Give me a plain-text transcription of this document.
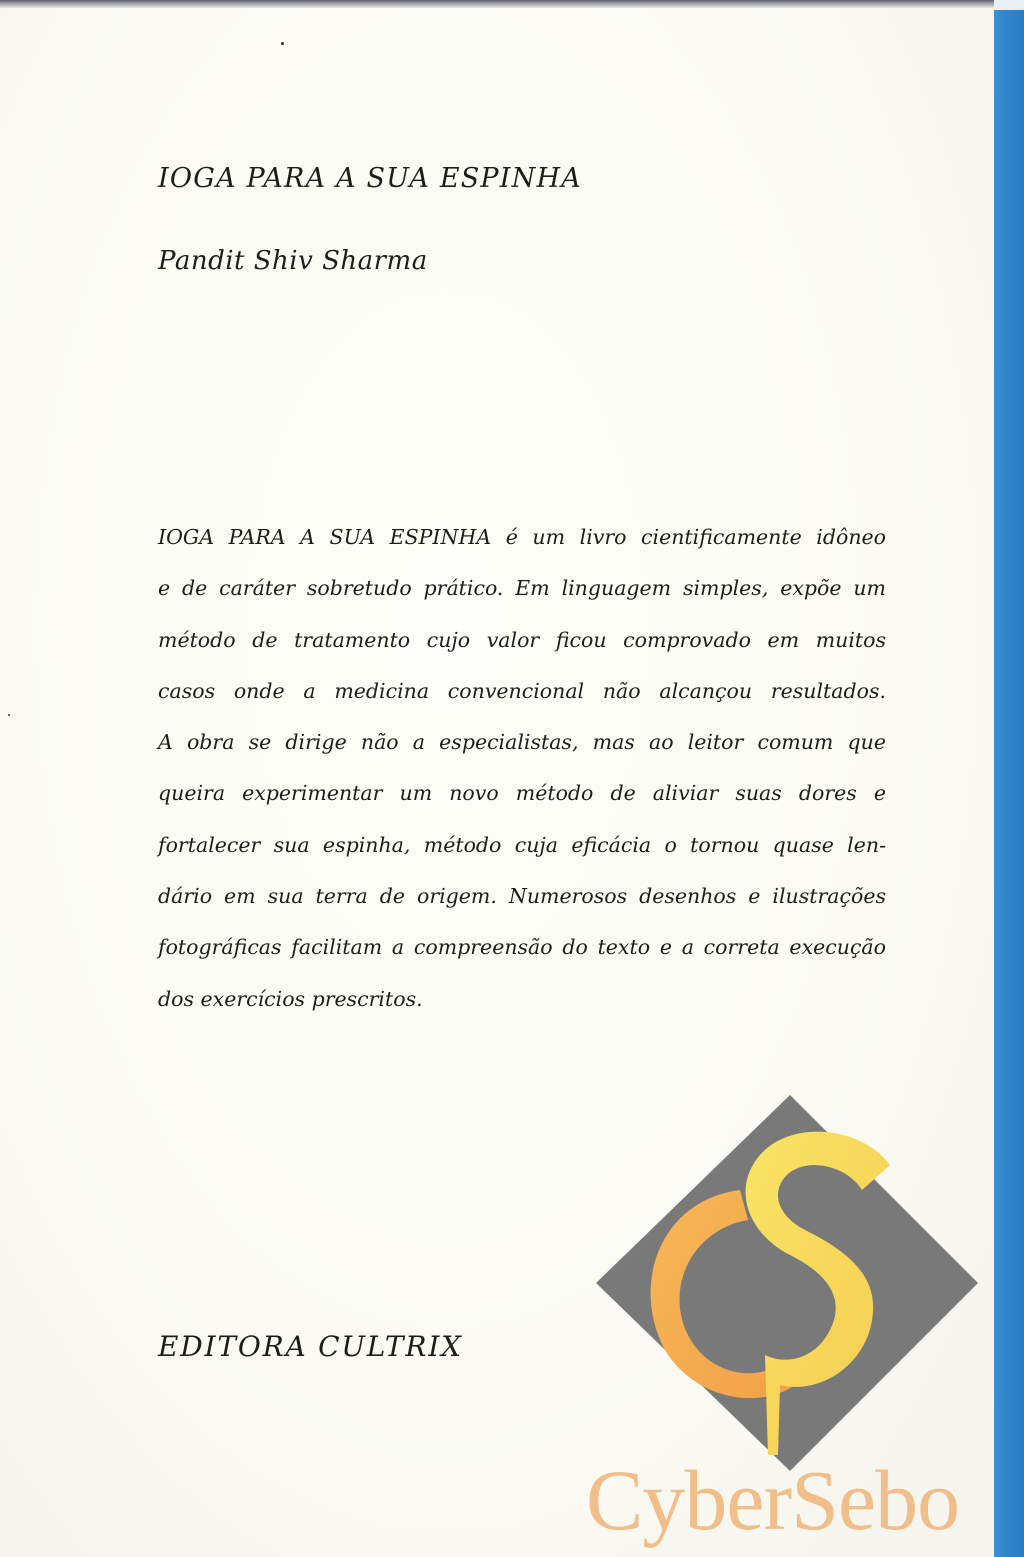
IOGA PARA A SUA ESPINHA
Pandit Shiv Sharma
IOGA PARA A SUA ESPINHA é um livro cientificamente idôneo
e de caráter sobretudo prático. Em linguagem simples, expõe um
método de tratamento cujo valor ficou comprovado em muitos
casos onde a medicina convencional não alcançou resultados.
A obra se dirige não a especialistas, mas ao leitor comum que
queira experimentar um novo método de aliviar suas dores e
fortalecer sua espinha, método cuja eficácia o tornou quase len-
dário em sua terra de origem. Numerosos desenhos e ilustrações
fotográficas facilitam a compreensão do texto e a correta execução
dos exercícios prescritos.
EDITORA CULTRIX
CyberSebo
